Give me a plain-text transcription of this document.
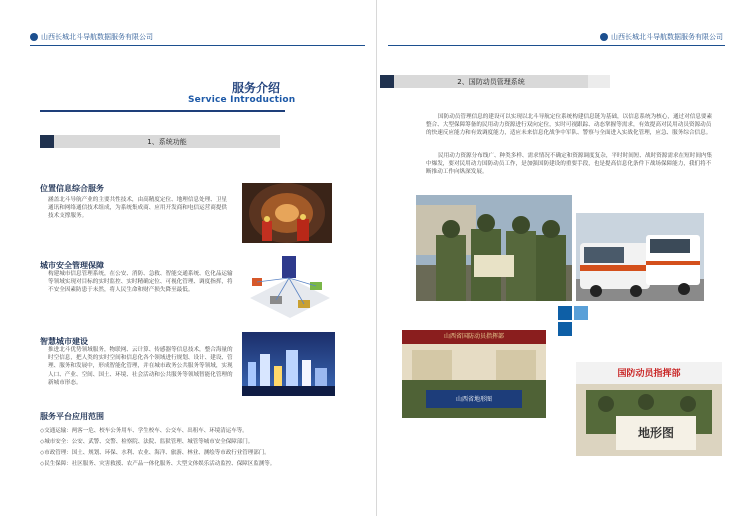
山西长城北斗导航数据服务有限公司
服务介绍
Service Introduction
1、系统功能
位置信息综合服务
涵盖北斗导航产业的主要共性技术，由高精度定位、地理信息处理、卫星通讯和网络通信技术组成，为系统集成商、应用开发商和电信运营商提供技术支撑服务。
城市安全管理保障
构建城市信息管理系统，在公安、消防、急救、智能交通系统、危化品运输等领域实现对目标的实时监控、实时精确定位、可视化管理、调度指挥，将不安全因素防患于未然，将人民生命和财产损失降至最低。
智慧城市建设
推进北斗优势领域服务，物联网、云计算、传感器等信息技术，整合海量的时空信息，把人类的实时空间和信息化各个领域进行规划、设计、建设、管理、服务和发展中，形成智能化管理，并在城市政务公共服务等领域，实现人口、产业、空间、国土、环境、社会活动和公共服务等领域智能化管理的新城市形态。
服务平台应用范围
◇交通运输：两客一危、校车公务用车、学生校车、公交车、出租车、环境清运车等。
◇城市安全：公安、武警、交警、检察院、法院、监狱管理、城管等城市安全保障部门。
◇市政管理：国土、规划、环保、水利、农业、海洋、旅游、林业、测绘等市政行业管理部门。
◇民生保障：社区服务、灾害救援、农产品一体化服务、大型文体娱乐活动监控、保障区监测等。
山西长城北斗导航数据服务有限公司
2、国防动员管理系统
国防动员管理信息的建设可以实现以北斗导航定位系统构建信息链为基础，以信息系统为核心，通过对信息要素整合、大型保障筹备的民用动力资源进行双向定位，实时可视跟踪、动态掌握等需求，有效提高对民用动员资源动员的快速反应能力和有效调度能力，适应未来信息化战争中军队、警察与全面进入实战化管理，应急、服务综合信息。
民用动力资源分布线广、种类多样、需求情况不确定和资源调度复杂，平时时间短、战时资源需求在短时间内集中爆发，要对民用动力国防动员工作，是加强国防建设的重要手段，也是提高信息化条件下战场保障能力，我们将不断推动工作向纵深发展。
山西省国防动员指挥部
山西省地形图
国防动员指挥部
地形图
